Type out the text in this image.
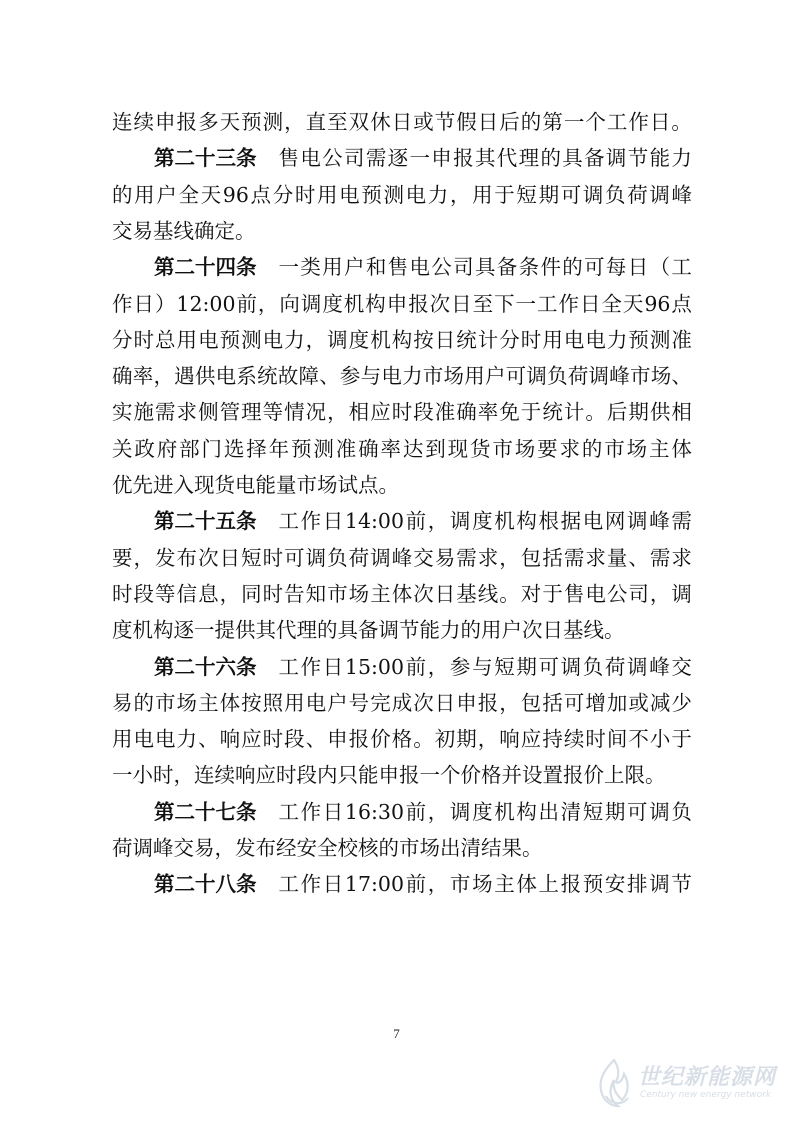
连 续 申 报 多 天 预 测 ， 直 至 双 休 日 或 节 假 日 后 的 第 一 个 工 作 日 。
第二十三条 售 电 公 司 需 逐 一 申 报 其 代 理 的 具 备 调 节 能 力
的 用 户 全 天 96 点 分 时 用 电 预 测 电 力 ， 用 于 短 期 可 调 负 荷 调 峰
交易基线确定。
第二十四条 一 类 用 户 和 售 电 公 司 具 备 条 件 的 可 每 日 （ 工
作 日 ） 12:00 前 ， 向 调 度 机 构 申 报 次 日 至 下 一 工 作 日 全 天 96 点
分 时 总 用 电 预 测 电 力 ， 调 度 机 构 按 日 统 计 分 时 用 电 电 力 预 测 准
确 率 ， 遇 供 电 系 统 故 障 、 参 与 电 力 市 场 用 户 可 调 负 荷 调 峰 市 场 、
实 施 需 求 侧 管 理 等 情 况 ， 相 应 时 段 准 确 率 免 于 统 计 。 后 期 供 相
关 政 府 部 门 选 择 年 预 测 准 确 率 达 到 现 货 市 场 要 求 的 市 场 主 体
优先进入现货电能量市场试点。
第二十五条 工 作 日 14:00 前 ， 调 度 机 构 根 据 电 网 调 峰 需
要 ， 发 布 次 日 短 时 可 调 负 荷 调 峰 交 易 需 求 ， 包 括 需 求 量 、 需 求
时 段 等 信 息 ， 同 时 告 知 市 场 主 体 次 日 基 线 。 对 于 售 电 公 司 ， 调
度机构逐一提供其代理的具备调节能力的用户次日基线。
第二十六条 工 作 日 15:00 前 ， 参 与 短 期 可 调 负 荷 调 峰 交
易 的 市 场 主 体 按 照 用 电 户 号 完 成 次 日 申 报 ， 包 括 可 增 加 或 减 少
用 电 电 力 、 响 应 时 段 、 申 报 价 格 。 初 期 ， 响 应 持 续 时 间 不 小 于
一小时，连续响应时段内只能申报一个价格并设置报价上限。
第二十七条 工 作 日 16:30 前 ， 调 度 机 构 出 清 短 期 可 调 负
荷调峰交易，发布经安全校核的市场出清结果。
第二十八条 工 作 日 17:00 前 ， 市 场 主 体 上 报 预 安 排 调 节
7
世纪新能源网
Century new energy network
